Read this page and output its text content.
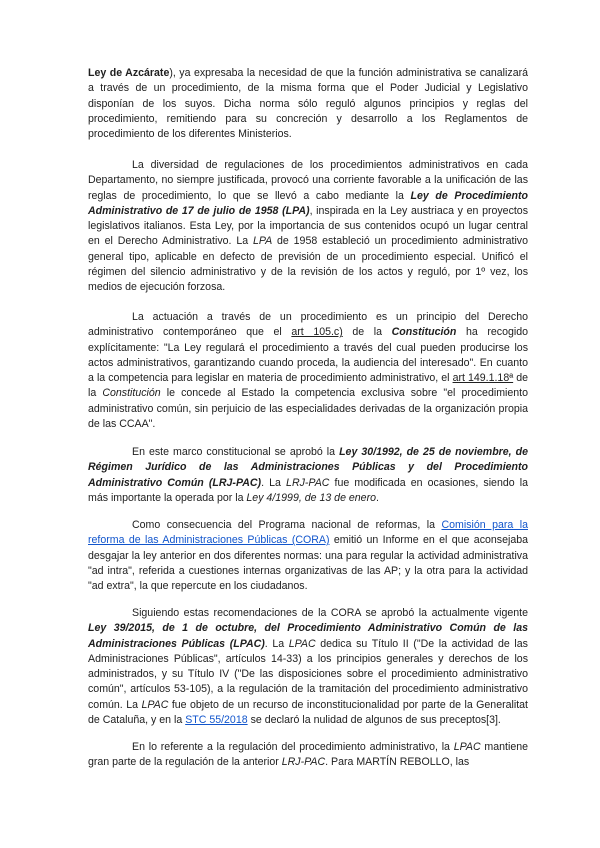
Ley de Azcárate), ya expresaba la necesidad de que la función administrativa se canalizará a través de un procedimiento, de la misma forma que el Poder Judicial y Legislativo disponían de los suyos. Dicha norma sólo reguló algunos principios y reglas del procedimiento, remitiendo para su concreción y desarrollo a los Reglamentos de procedimiento de los diferentes Ministerios.

La diversidad de regulaciones de los procedimientos administrativos en cada Departamento, no siempre justificada, provocó una corriente favorable a la unificación de las reglas de procedimiento, lo que se llevó a cabo mediante la Ley de Procedimiento Administrativo de 17 de julio de 1958 (LPA), inspirada en la Ley austriaca y en proyectos legislativos italianos. Esta Ley, por la importancia de sus contenidos ocupó un lugar central en el Derecho Administrativo. La LPA de 1958 estableció un procedimiento administrativo general tipo, aplicable en defecto de previsión de un procedimiento especial. Unificó el régimen del silencio administrativo y de la revisión de los actos y reguló, por 1º vez, los medios de ejecución forzosa.

La actuación a través de un procedimiento es un principio del Derecho administrativo contemporáneo que el art 105.c) de la Constitución ha recogido explícitamente: "La Ley regulará el procedimiento a través del cual pueden producirse los actos administrativos, garantizando cuando proceda, la audiencia del interesado". En cuanto a la competencia para legislar en materia de procedimiento administrativo, el art 149.1.18ª de la Constitución le concede al Estado la competencia exclusiva sobre "el procedimiento administrativo común, sin perjuicio de las especialidades derivadas de la organización propia de las CCAA".

En este marco constitucional se aprobó la Ley 30/1992, de 25 de noviembre, de Régimen Jurídico de las Administraciones Públicas y del Procedimiento Administrativo Común (LRJ-PAC). La LRJ-PAC fue modificada en ocasiones, siendo la más importante la operada por la Ley 4/1999, de 13 de enero.

Como consecuencia del Programa nacional de reformas, la Comisión para la reforma de las Administraciones Públicas (CORA) emitió un Informe en el que aconsejaba desgajar la ley anterior en dos diferentes normas: una para regular la actividad administrativa "ad intra", referida a cuestiones internas organizativas de las AP; y la otra para la actividad "ad extra", la que repercute en los ciudadanos.

Siguiendo estas recomendaciones de la CORA se aprobó la actualmente vigente Ley 39/2015, de 1 de octubre, del Procedimiento Administrativo Común de las Administraciones Públicas (LPAC). La LPAC dedica su Título II ("De la actividad de las Administraciones Públicas", artículos 14-33) a los principios generales y derechos de los administrados, y su Título IV ("De las disposiciones sobre el procedimiento administrativo común", artículos 53-105), a la regulación de la tramitación del procedimiento administrativo común. La LPAC fue objeto de un recurso de inconstitucionalidad por parte de la Generalitat de Cataluña, y en la STC 55/2018 se declaró la nulidad de algunos de sus preceptos[3].

En lo referente a la regulación del procedimiento administrativo, la LPAC mantiene gran parte de la regulación de la anterior LRJ-PAC. Para MARTÍN REBOLLO, las
